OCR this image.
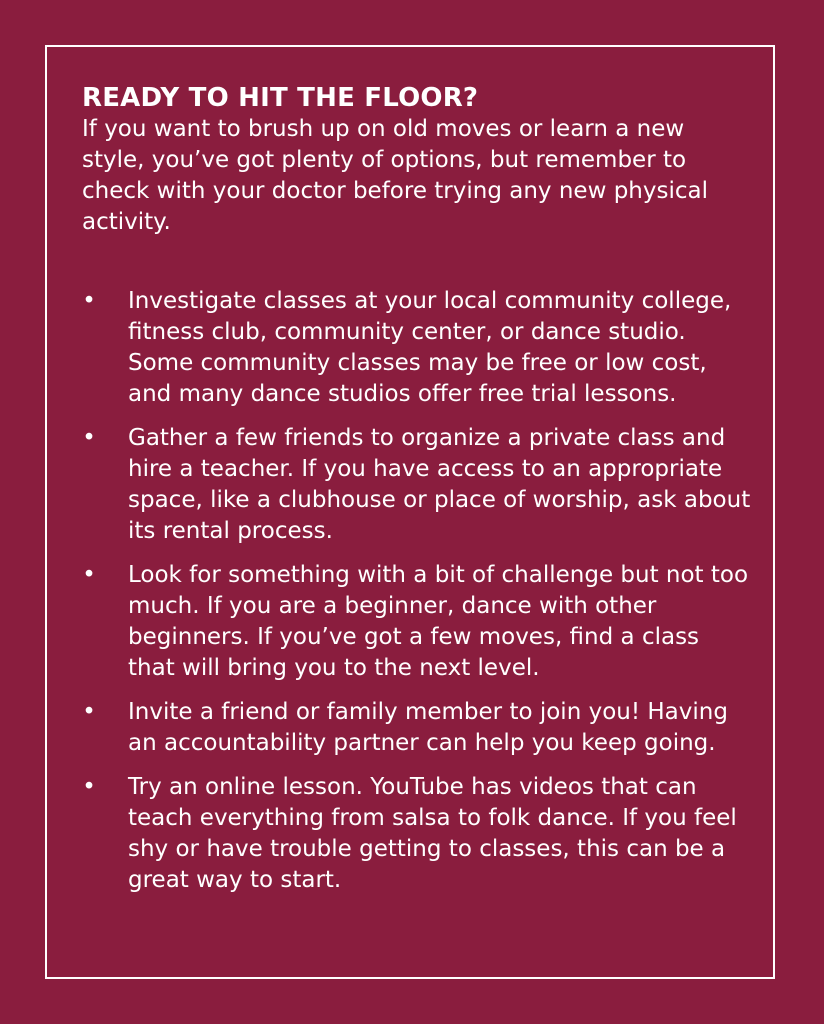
READY TO HIT THE FLOOR?

If you want to brush up on old moves or learn a new style, you’ve got plenty of options, but remember to check with your doctor before trying any new physical activity.

• Investigate classes at your local community college, fitness club, community center, or dance studio. Some community classes may be free or low cost, and many dance studios offer free trial lessons.
• Gather a few friends to organize a private class and hire a teacher. If you have access to an appropriate space, like a clubhouse or place of worship, ask about its rental process.
• Look for something with a bit of challenge but not too much. If you are a beginner, dance with other beginners. If you’ve got a few moves, find a class that will bring you to the next level.
• Invite a friend or family member to join you! Having an accountability partner can help you keep going.
• Try an online lesson. YouTube has videos that can teach everything from salsa to folk dance. If you feel shy or have trouble getting to classes, this can be a great way to start.
